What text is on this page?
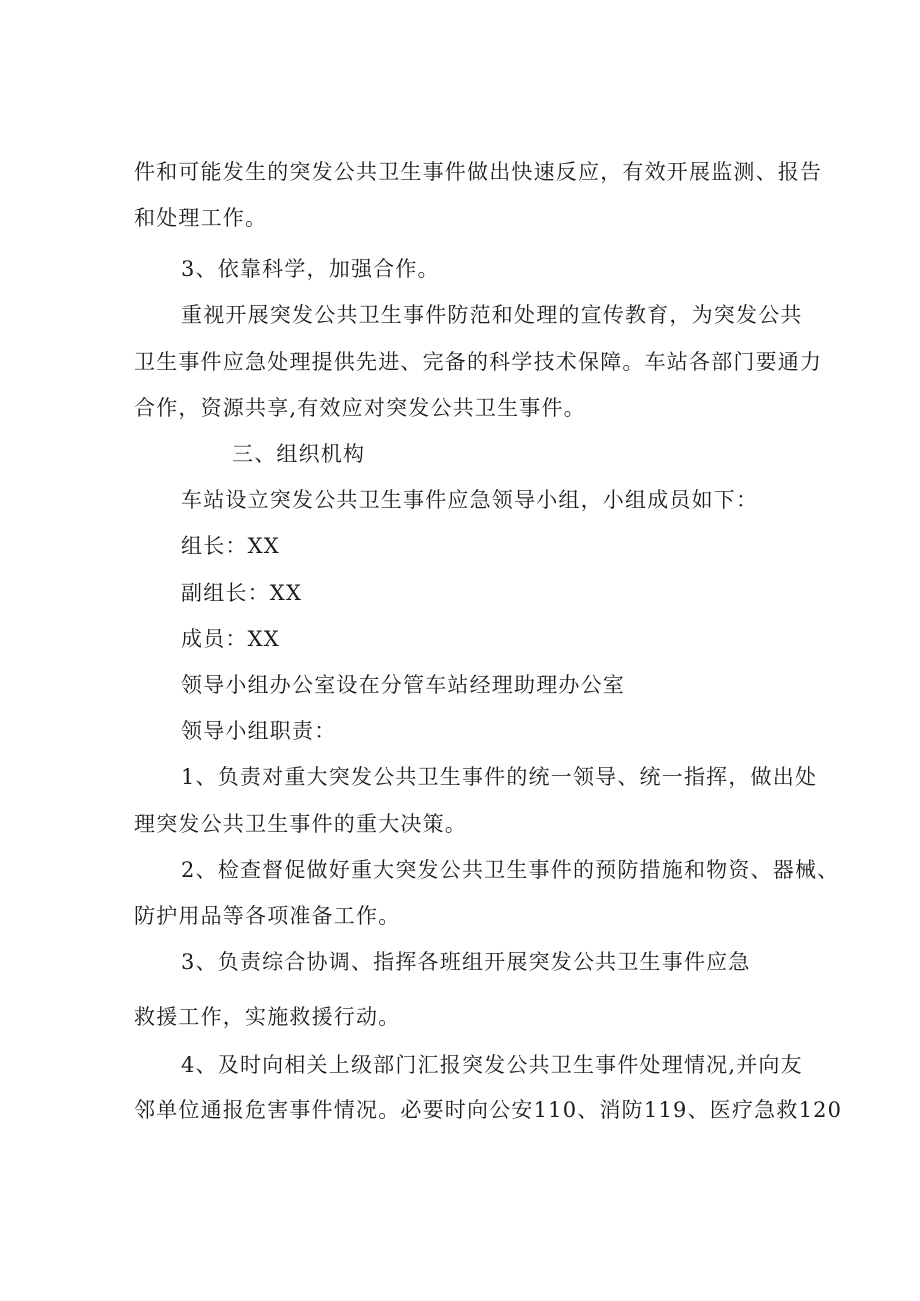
件和可能发生的突发公共卫生事件做出快速反应，有效开展监测、报告
和处理工作。
3、依靠科学，加强合作。
重视开展突发公共卫生事件防范和处理的宣传教育，为突发公共
卫生事件应急处理提供先进、完备的科学技术保障。车站各部门要通力
合作，资源共享,有效应对突发公共卫生事件。
三、组织机构
车站设立突发公共卫生事件应急领导小组，小组成员如下：
组长：XX
副组长：XX
成员：XX
领导小组办公室设在分管车站经理助理办公室
领导小组职责：
1、负责对重大突发公共卫生事件的统一领导、统一指挥，做出处
理突发公共卫生事件的重大决策。
2、检查督促做好重大突发公共卫生事件的预防措施和物资、器械、
防护用品等各项准备工作。
3、负责综合协调、指挥各班组开展突发公共卫生事件应急
救援工作，实施救援行动。
4、及时向相关上级部门汇报突发公共卫生事件处理情况,并向友
邻单位通报危害事件情况。必要时向公安110、消防119、医疗急救120
